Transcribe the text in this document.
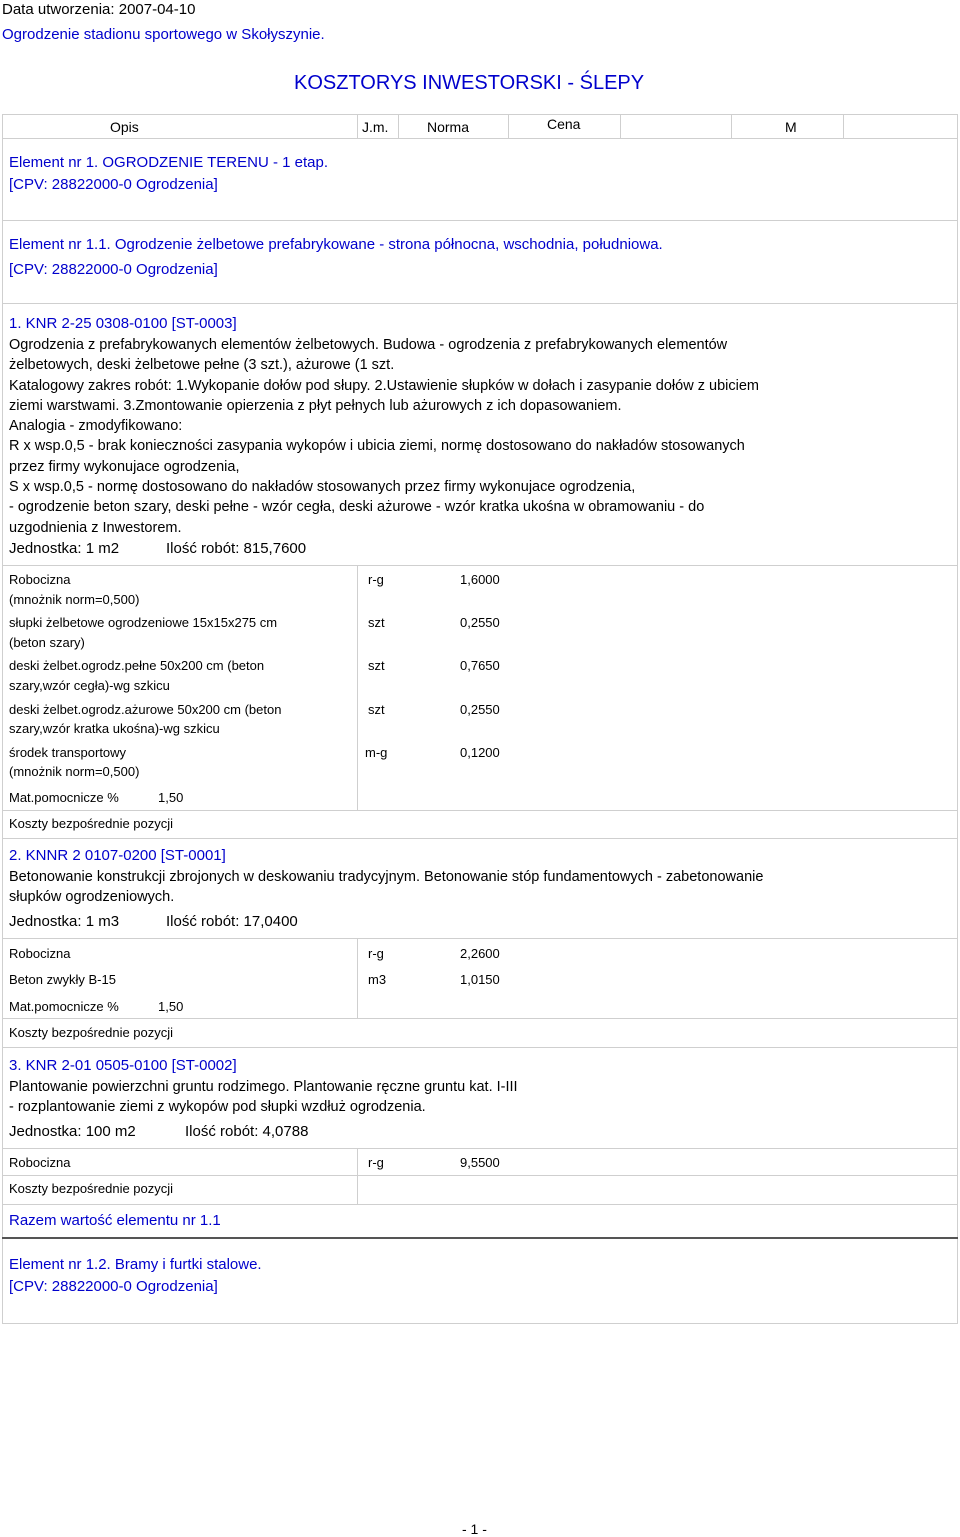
Data utworzenia: 2007-04-10
Ogrodzenie stadionu sportowego w Skołyszynie.
KOSZTORYS INWESTORSKI - ŚLEPY
Opis	J.m.	Norma	Cena	M
Element nr 1. OGRODZENIE TERENU - 1 etap.
[CPV: 28822000-0 Ogrodzenia]
Element nr 1.1. Ogrodzenie żelbetowe prefabrykowane - strona północna, wschodnia, południowa.
[CPV: 28822000-0 Ogrodzenia]
1. KNR 2-25 0308-0100 [ST-0003]
Ogrodzenia z prefabrykowanych elementów żelbetowych. Budowa - ogrodzenia z prefabrykowanych elementów
żelbetowych, deski żelbetowe pełne (3 szt.), ażurowe (1 szt.
Katalogowy zakres robót: 1.Wykopanie dołów pod słupy. 2.Ustawienie słupków w dołach i zasypanie dołów z ubiciem
ziemi warstwami. 3.Zmontowanie opierzenia z płyt pełnych lub ażurowych z ich dopasowaniem.
Analogia - zmodyfikowano:
R x wsp.0,5 - brak konieczności zasypania wykopów i ubicia ziemi, normę dostosowano do nakładów stosowanych
przez firmy wykonujace ogrodzenia,
S x wsp.0,5 - normę dostosowano do nakładów stosowanych przez firmy wykonujace ogrodzenia,
- ogrodzenie beton szary, deski pełne - wzór cegła, deski ażurowe - wzór kratka ukośna w obramowaniu - do
uzgodnienia z Inwestorem.
Jednostka: 1 m2	Ilość robót: 815,7600
Robocizna
(mnożnik norm=0,500)
r-g	1,6000
słupki żelbetowe ogrodzeniowe 15x15x275 cm
(beton szary)
szt	0,2550
deski żelbet.ogrodz.pełne 50x200 cm (beton
szary,wzór cegła)-wg szkicu
szt	0,7650
deski żelbet.ogrodz.ażurowe 50x200 cm (beton
szary,wzór kratka ukośna)-wg szkicu
szt	0,2550
środek transportowy
(mnożnik norm=0,500)
m-g	0,1200
Mat.pomocnicze %	1,50
Koszty bezpośrednie pozycji
2. KNNR 2 0107-0200 [ST-0001]
Betonowanie konstrukcji zbrojonych w deskowaniu tradycyjnym. Betonowanie stóp fundamentowych - zabetonowanie
słupków ogrodzeniowych.
Jednostka: 1 m3	Ilość robót: 17,0400
Robocizna	r-g	2,2600
Beton zwykły B-15	m3	1,0150
Mat.pomocnicze %	1,50
Koszty bezpośrednie pozycji
3. KNR 2-01 0505-0100 [ST-0002]
Plantowanie powierzchni gruntu rodzimego. Plantowanie ręczne gruntu kat. I-III
- rozplantowanie ziemi z wykopów pod słupki wzdłuż ogrodzenia.
Jednostka: 100 m2	Ilość robót: 4,0788
Robocizna	r-g	9,5500
Koszty bezpośrednie pozycji
Razem wartość elementu nr 1.1
Element nr 1.2. Bramy i furtki stalowe.
[CPV: 28822000-0 Ogrodzenia]
- 1 -
